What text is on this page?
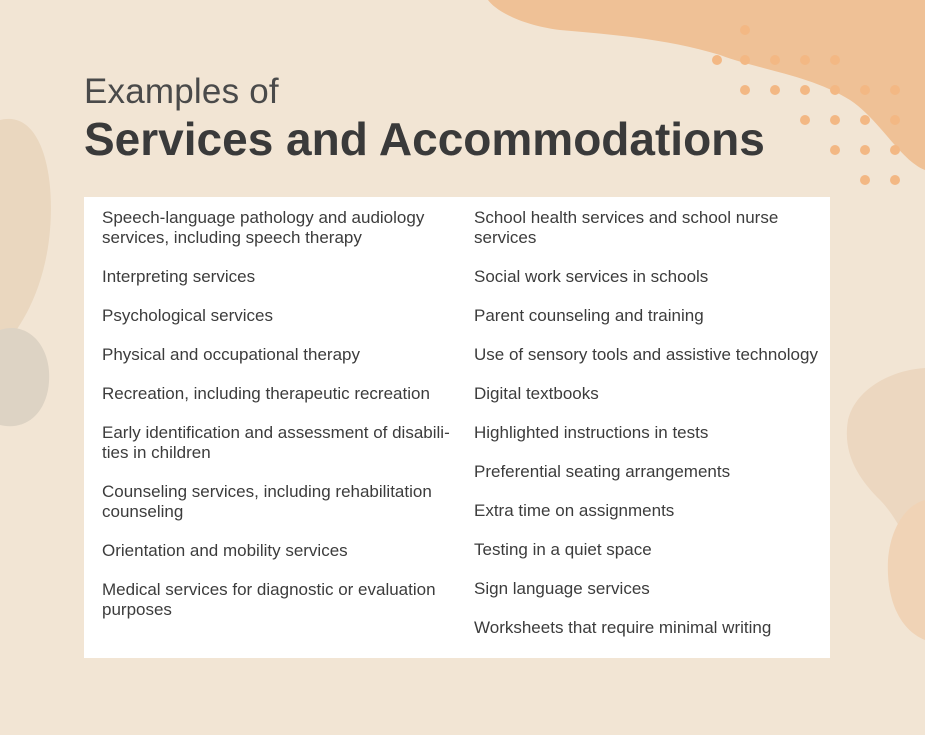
Examples of
Services and Accommodations
Speech-language pathology and audiology services, including speech therapy
Interpreting services
Psychological services
Physical and occupational therapy
Recreation, including therapeutic recreation
Early identification and assessment of disabili-ties in children
Counseling services, including rehabilitation counseling
Orientation and mobility services
Medical services for diagnostic or evaluation purposes
School health services and school nurse services
Social work services in schools
Parent counseling and training
Use of sensory tools and assistive technology
Digital textbooks
Highlighted instructions in tests
Preferential seating arrangements
Extra time on assignments
Testing in a quiet space
Sign language services
Worksheets that require minimal writing
